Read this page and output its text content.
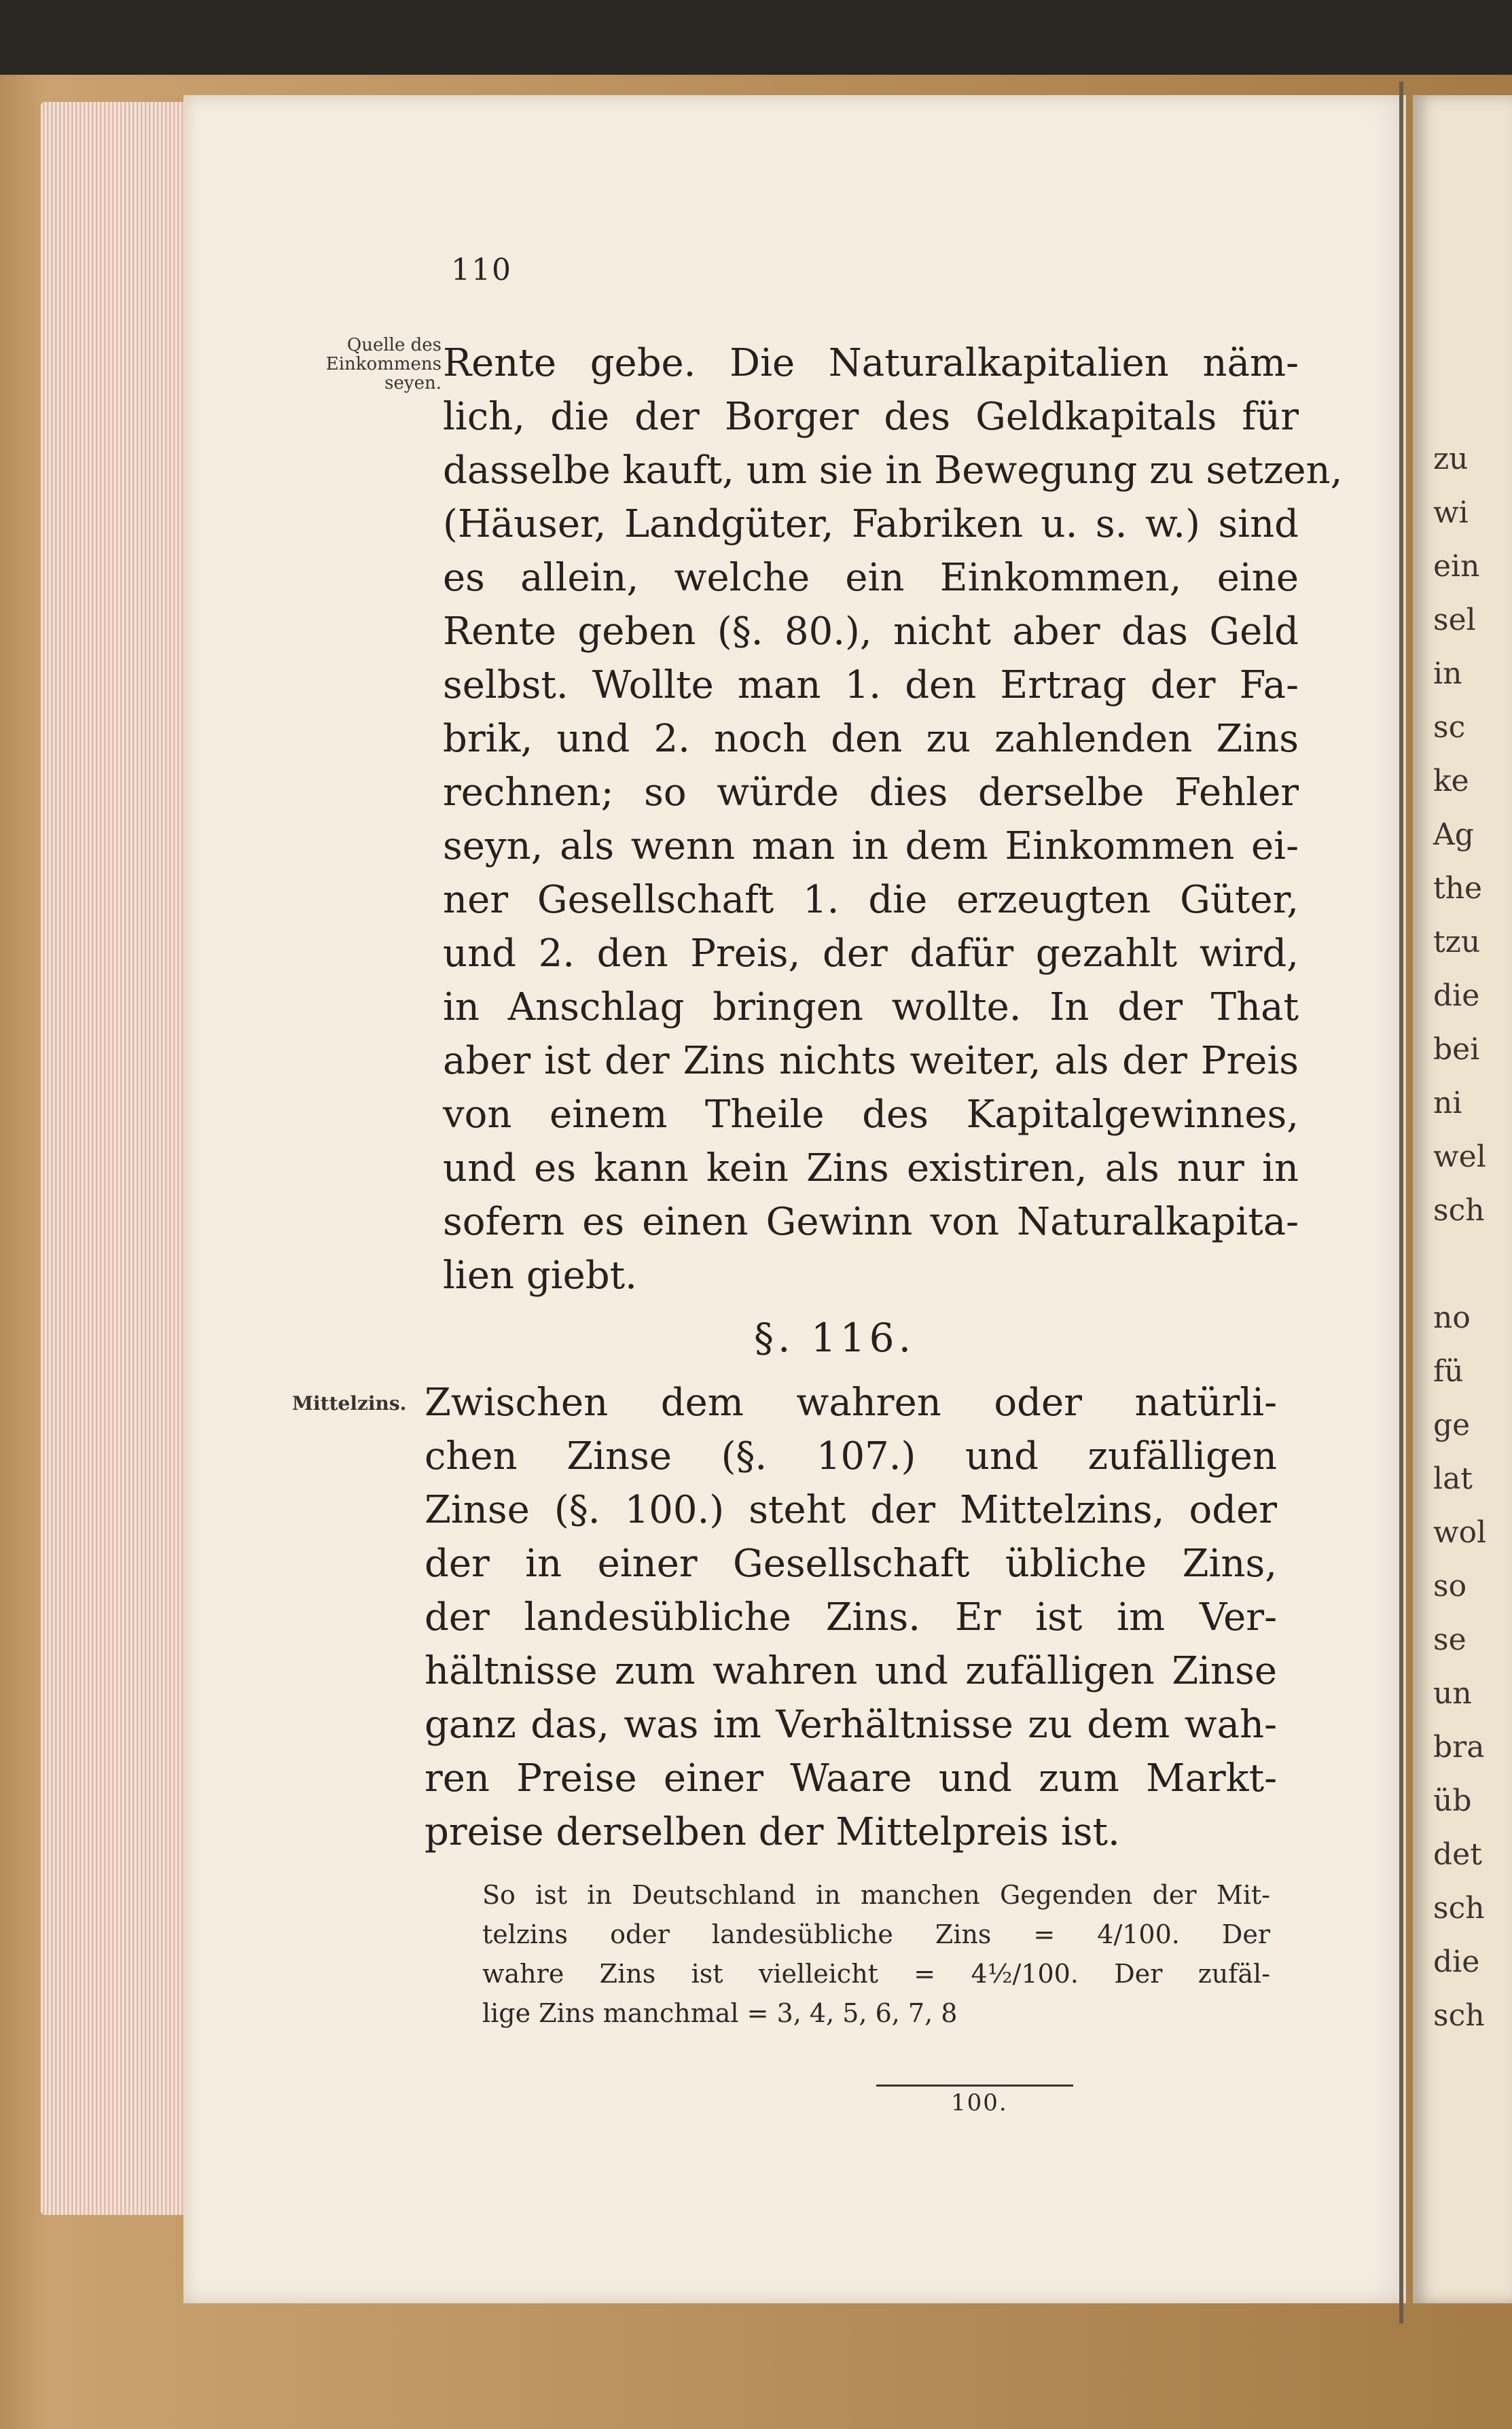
zu
wi
ein
sel
in
sc
ke
Ag
the
tzu
die
bei
ni
wel
sch
no
fü
ge
lat
wol
so
se
un
bra
üb
det
sch
die
sch
110
Quelle des
Einkommens
seyen.
Mittelzins.
Rente gebe. Die Naturalkapitalien näm-
lich, die der Borger des Geldkapitals für
dasselbe kauft, um sie in Bewegung zu setzen,
(Häuser, Landgüter, Fabriken u. s. w.) sind
es allein, welche ein Einkommen, eine
Rente geben (§. 80.), nicht aber das Geld
selbst. Wollte man 1. den Ertrag der Fa-
brik, und 2. noch den zu zahlenden Zins
rechnen; so würde dies derselbe Fehler
seyn, als wenn man in dem Einkommen ei-
ner Gesellschaft 1. die erzeugten Güter,
und 2. den Preis, der dafür gezahlt wird,
in Anschlag bringen wollte. In der That
aber ist der Zins nichts weiter, als der Preis
von einem Theile des Kapitalgewinnes,
und es kann kein Zins existiren, als nur in
sofern es einen Gewinn von Naturalkapita-
lien giebt.
§. 116.
Zwischen dem wahren oder natürli-
chen Zinse (§. 107.) und zufälligen
Zinse (§. 100.) steht der Mittelzins, oder
der in einer Gesellschaft übliche Zins,
der landesübliche Zins. Er ist im Ver-
hältnisse zum wahren und zufälligen Zinse
ganz das, was im Verhältnisse zu dem wah-
ren Preise einer Waare und zum Markt-
preise derselben der Mittelpreis ist.
So ist in Deutschland in manchen Gegenden der Mit-
telzins oder landesübliche Zins = 4/100. Der
wahre Zins ist vielleicht = 4½/100. Der zufäl-
lige Zins manchmal = 3, 4, 5, 6, 7, 8
100.
